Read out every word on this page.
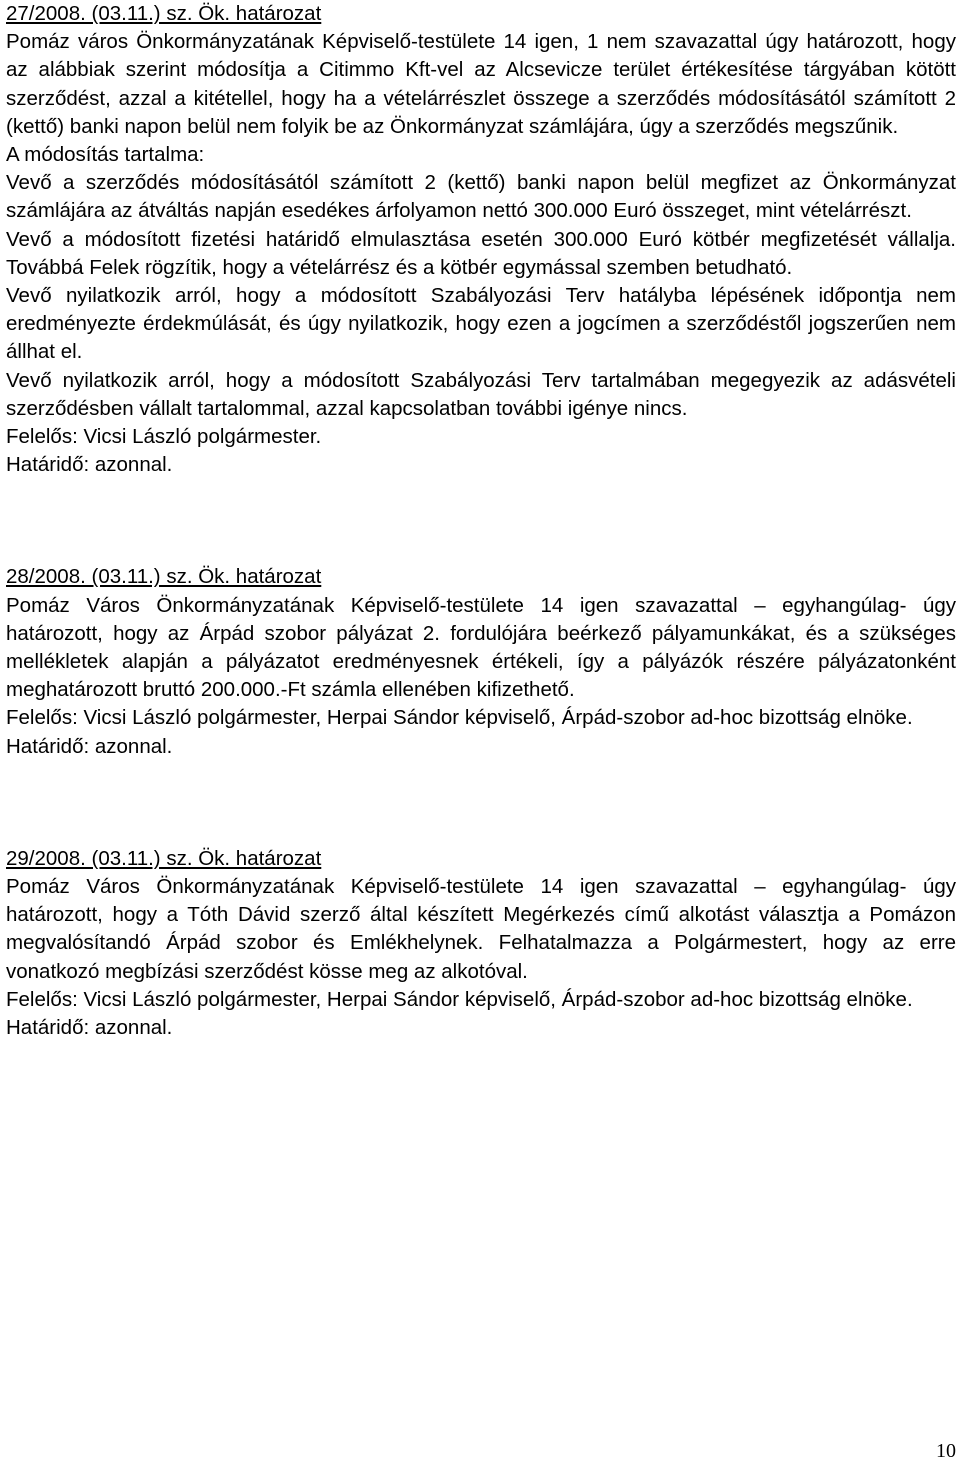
27/2008. (03.11.) sz. Ök. határozat

Pomáz város Önkormányzatának Képviselő-testülete 14 igen, 1 nem szavazattal úgy határozott, hogy az alábbiak szerint módosítja a Citimmo Kft-vel az Alcsevicze terület értékesítése tárgyában kötött szerződést, azzal a kitétellel, hogy ha a vételárrészlet összege a szerződés módosításától számított 2 (kettő) banki napon belül nem folyik be az Önkormányzat számlájára, úgy a szerződés megszűnik.

A módosítás tartalma:

Vevő a szerződés módosításától számított 2 (kettő) banki napon belül megfizet az Önkormányzat számlájára az átváltás napján esedékes árfolyamon nettó 300.000 Euró összeget, mint vételárrészt.

Vevő a módosított fizetési határidő elmulasztása esetén 300.000 Euró kötbér megfizetését vállalja. Továbbá Felek rögzítik, hogy a vételárrész és a kötbér egymással szemben betudható.

Vevő nyilatkozik arról, hogy a módosított Szabályozási Terv hatályba lépésének időpontja nem eredményezte érdekmúlását, és úgy nyilatkozik, hogy ezen a jogcímen a szerződéstől jogszerűen nem állhat el.

Vevő nyilatkozik arról, hogy a módosított Szabályozási Terv tartalmában megegyezik az adásvételi szerződésben vállalt tartalommal, azzal kapcsolatban további igénye nincs.

Felelős: Vicsi László polgármester.

Határidő: azonnal.

28/2008. (03.11.) sz. Ök. határozat

Pomáz Város Önkormányzatának Képviselő-testülete 14 igen szavazattal – egyhangúlag- úgy határozott, hogy az Árpád szobor pályázat 2. fordulójára beérkező pályamunkákat, és a szükséges mellékletek alapján a pályázatot eredményesnek értékeli, így a pályázók részére pályázatonként meghatározott bruttó 200.000.-Ft számla ellenében kifizethető.

Felelős: Vicsi László polgármester, Herpai Sándor képviselő, Árpád-szobor ad-hoc bizottság elnöke.

Határidő: azonnal.

29/2008. (03.11.) sz. Ök. határozat

Pomáz Város Önkormányzatának Képviselő-testülete 14 igen szavazattal – egyhangúlag- úgy határozott, hogy a Tóth Dávid szerző által készített Megérkezés című alkotást választja a Pomázon megvalósítandó Árpád szobor és Emlékhelynek. Felhatalmazza a Polgármestert, hogy az erre vonatkozó megbízási szerződést kösse meg az alkotóval.

Felelős: Vicsi László polgármester, Herpai Sándor képviselő, Árpád-szobor ad-hoc bizottság elnöke.

Határidő: azonnal.

10
